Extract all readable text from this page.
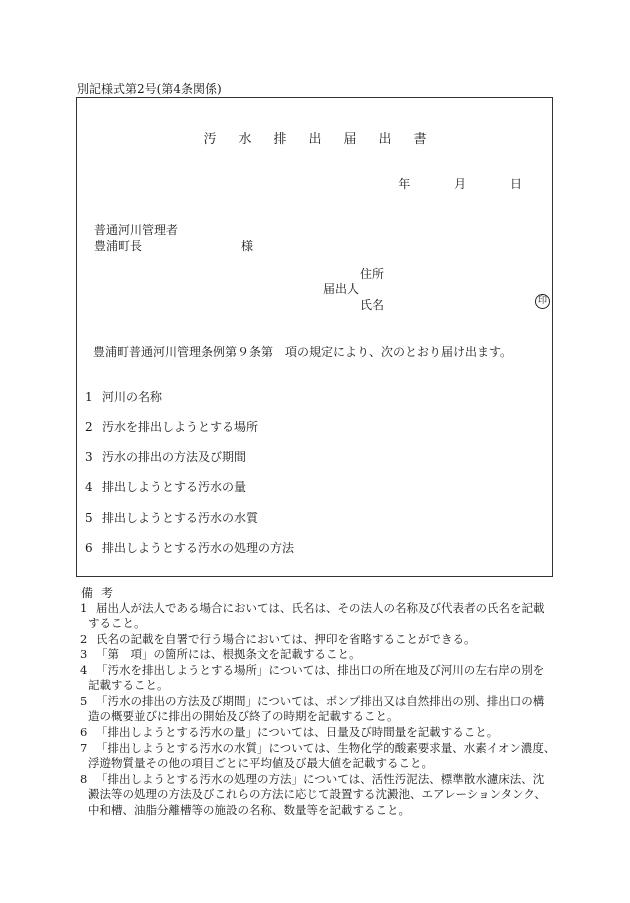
別記様式第2号(第4条関係)
汚水排出届出書
年	月	日
普通河川管理者
豊浦町長	様
住所
届出人
氏名	印
豊浦町普通河川管理条例第９条第　項の規定により、次のとおり届け出ます。
1 河川の名称
2 汚水を排出しようとする場所
3 汚水の排出の方法及び期間
4 排出しようとする汚水の量
5 排出しようとする汚水の水質
6 排出しようとする汚水の処理の方法
備考
1 届出人が法人である場合においては、氏名は、その法人の名称及び代表者の氏名を記載
すること。
2 氏名の記載を自署で行う場合においては、押印を省略することができる。
3 「第　項」の箇所には、根拠条文を記載すること。
4 「汚水を排出しようとする場所」については、排出口の所在地及び河川の左右岸の別を
記載すること。
5 「汚水の排出の方法及び期間」については、ポンプ排出又は自然排出の別、排出口の構
造の概要並びに排出の開始及び終了の時期を記載すること。
6 「排出しようとする汚水の量」については、日量及び時間量を記載すること。
7 「排出しようとする汚水の水質」については、生物化学的酸素要求量、水素イオン濃度、
浮遊物質量その他の項目ごとに平均値及び最大値を記載すること。
8 「排出しようとする汚水の処理の方法」については、活性汚泥法、標準散水濾床法、沈
澱法等の処理の方法及びこれらの方法に応じて設置する沈澱池、エアレーションタンク、
中和槽、油脂分離槽等の施設の名称、数量等を記載すること。
